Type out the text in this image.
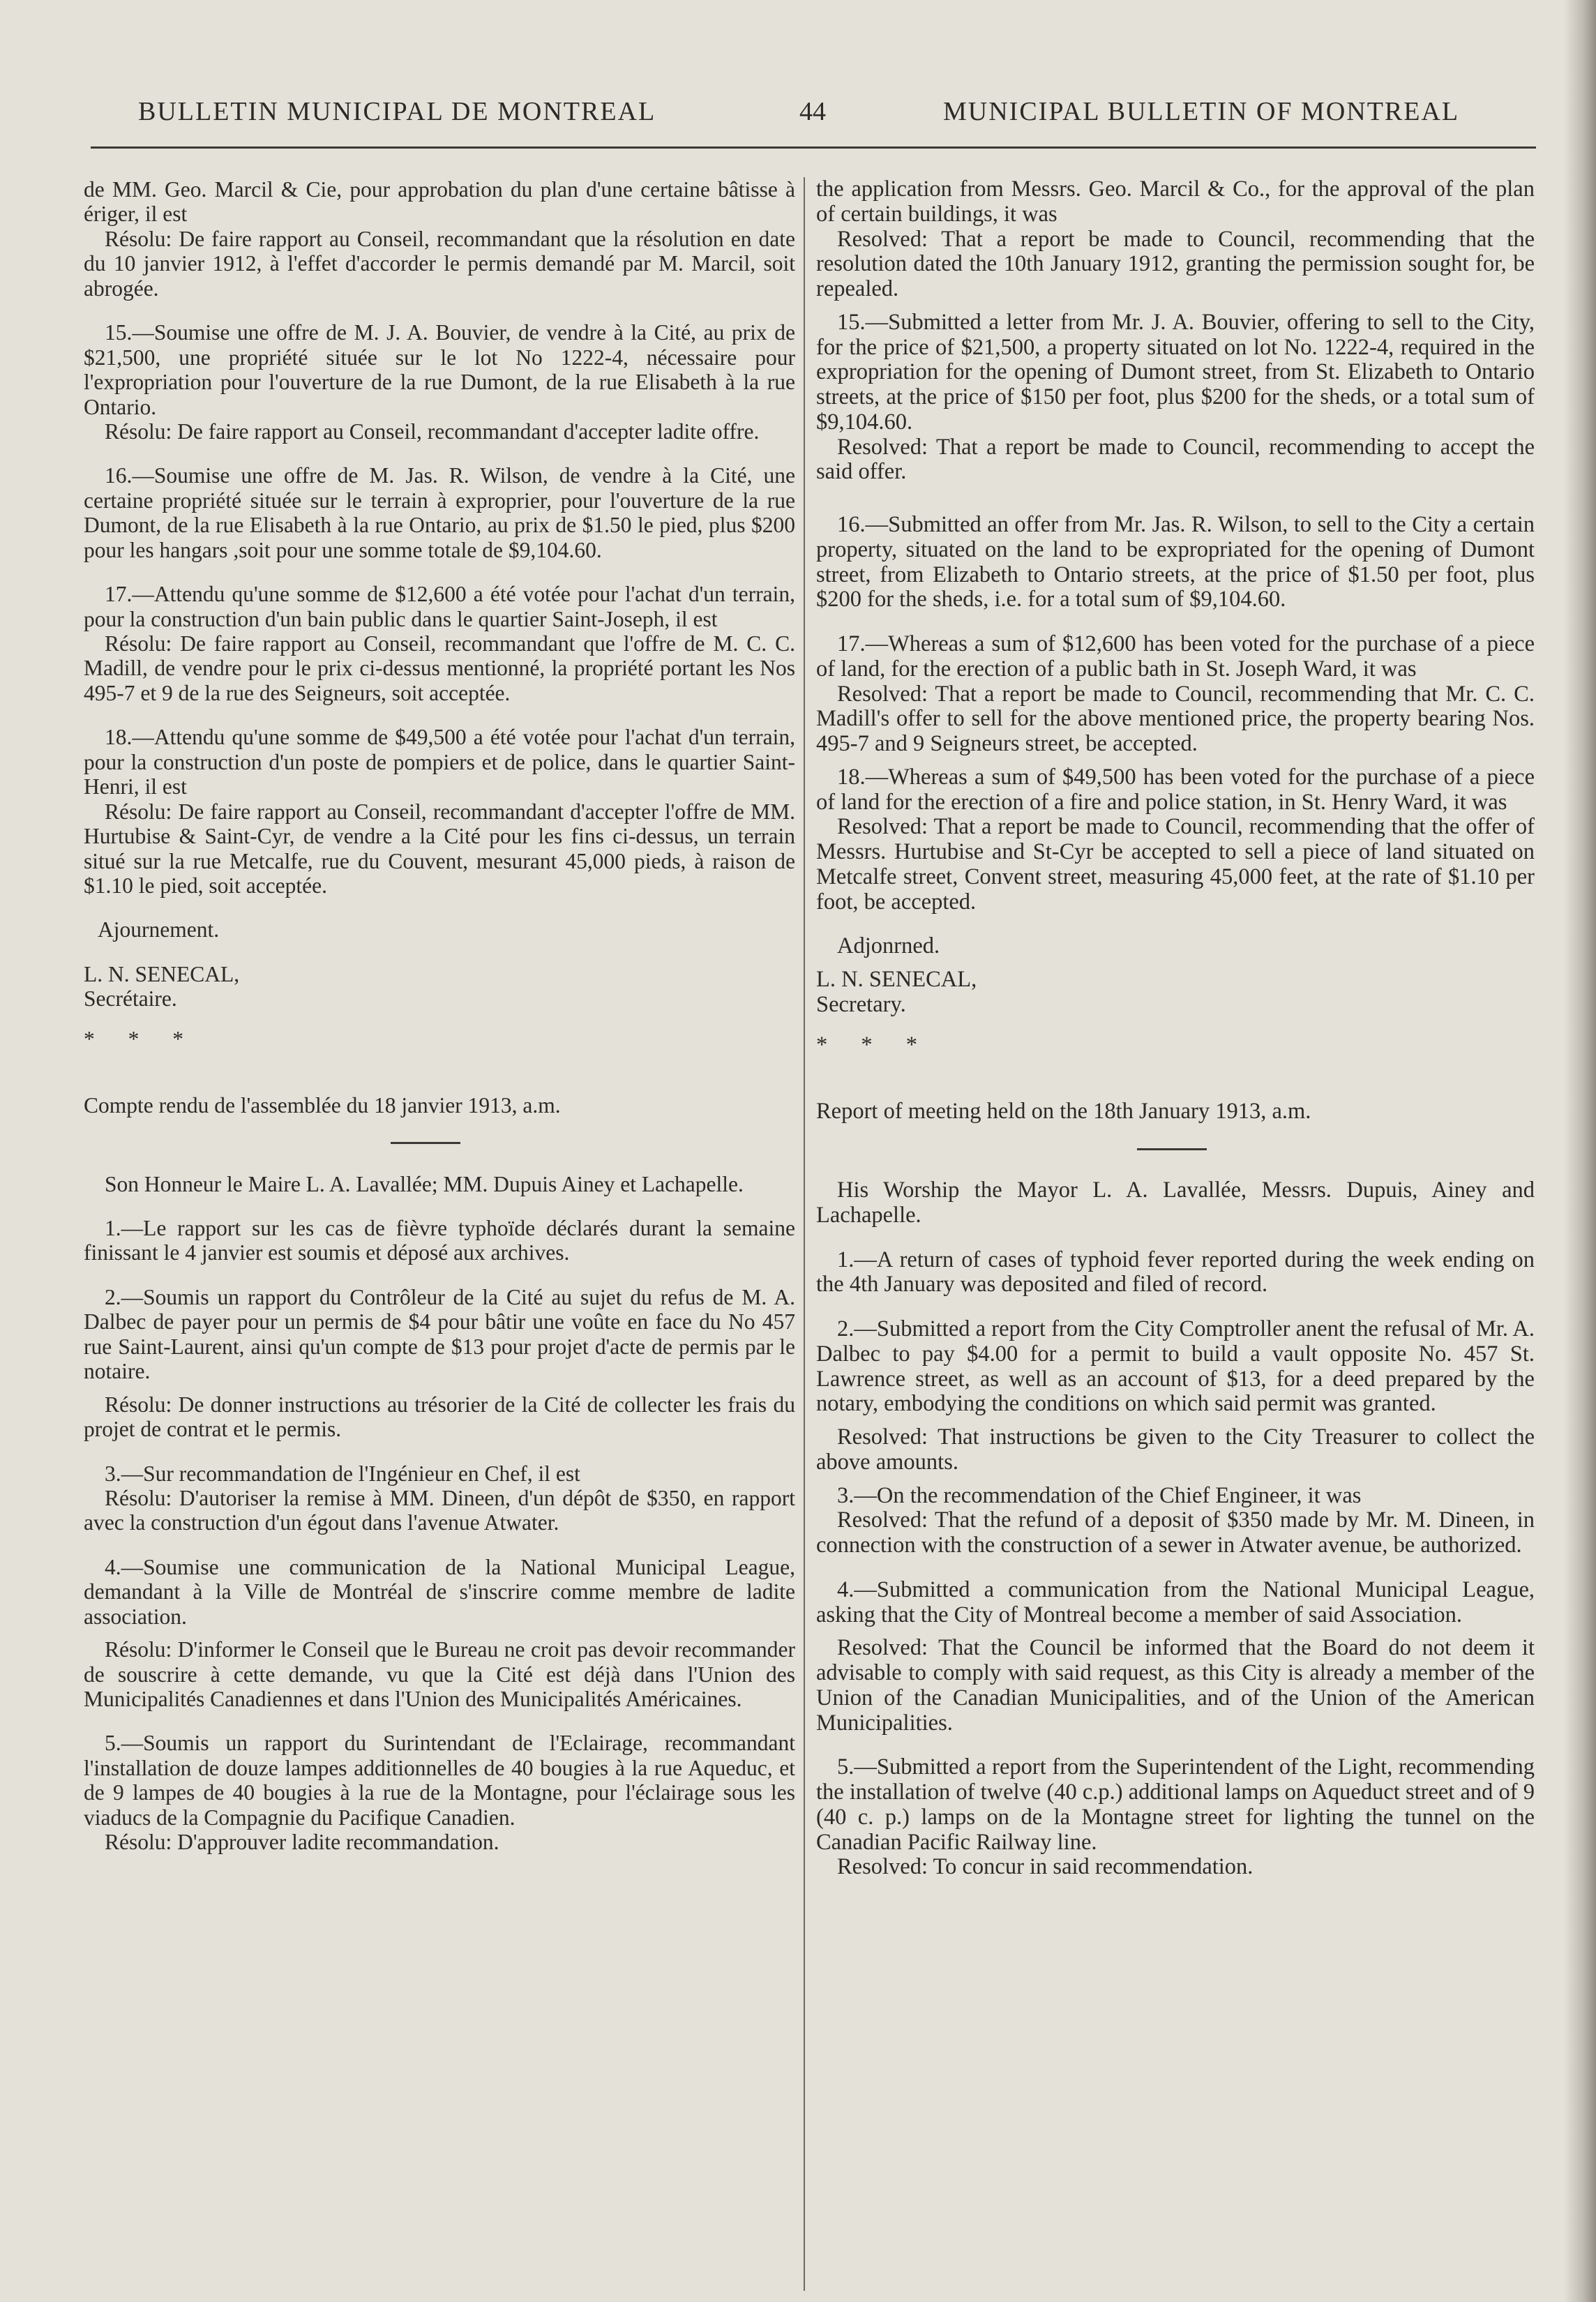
BULLETIN MUNICIPAL DE MONTREAL	44	MUNICIPAL BULLETIN OF MONTREAL

de MM. Geo. Marcil & Cie, pour approbation du plan d'une certaine bâtisse à ériger, il est

Résolu: De faire rapport au Conseil, recommandant que la résolution en date du 10 janvier 1912, à l'effet d'accorder le permis demandé par M. Marcil, soit abrogée.

15.—Soumise une offre de M. J. A. Bouvier, de vendre à la Cité, au prix de $21,500, une propriété située sur le lot No 1222-4, nécessaire pour l'expropriation pour l'ouverture de la rue Dumont, de la rue Elisabeth à la rue Ontario.

Résolu: De faire rapport au Conseil, recommandant d'accepter ladite offre.

16.—Soumise une offre de M. Jas. R. Wilson, de vendre à la Cité, une certaine propriété située sur le terrain à exproprier, pour l'ouverture de la rue Dumont, de la rue Elisabeth à la rue Ontario, au prix de $1.50 le pied, plus $200 pour les hangars ,soit pour une somme totale de $9,104.60.

17.—Attendu qu'une somme de $12,600 a été votée pour l'achat d'un terrain, pour la construction d'un bain public dans le quartier Saint-Joseph, il est

Résolu: De faire rapport au Conseil, recommandant que l'offre de M. C. C. Madill, de vendre pour le prix ci-dessus mentionné, la propriété portant les Nos 495-7 et 9 de la rue des Seigneurs, soit acceptée.

18.—Attendu qu'une somme de $49,500 a été votée pour l'achat d'un terrain, pour la construction d'un poste de pompiers et de police, dans le quartier Saint-Henri, il est

Résolu: De faire rapport au Conseil, recommandant d'accepter l'offre de MM. Hurtubise & Saint-Cyr, de vendre a la Cité pour les fins ci-dessus, un terrain situé sur la rue Metcalfe, rue du Couvent, mesurant 45,000 pieds, à raison de $1.10 le pied, soit acceptée.

Ajournement.

L. N. SENECAL,

Secrétaire.

* * *

Compte rendu de l'assemblée du 18 janvier 1913, a.m.

Son Honneur le Maire L. A. Lavallée; MM. Dupuis Ainey et Lachapelle.

1.—Le rapport sur les cas de fièvre typhoïde déclarés durant la semaine finissant le 4 janvier est soumis et déposé aux archives.

2.—Soumis un rapport du Contrôleur de la Cité au sujet du refus de M. A. Dalbec de payer pour un permis de $4 pour bâtir une voûte en face du No 457 rue Saint-Laurent, ainsi qu'un compte de $13 pour projet d'acte de permis par le notaire.

Résolu: De donner instructions au trésorier de la Cité de collecter les frais du projet de contrat et le permis.

3.—Sur recommandation de l'Ingénieur en Chef, il est

Résolu: D'autoriser la remise à MM. Dineen, d'un dépôt de $350, en rapport avec la construction d'un égout dans l'avenue Atwater.

4.—Soumise une communication de la National Municipal League, demandant à la Ville de Montréal de s'inscrire comme membre de ladite association.

Résolu: D'informer le Conseil que le Bureau ne croit pas devoir recommander de souscrire à cette demande, vu que la Cité est déjà dans l'Union des Municipalités Canadiennes et dans l'Union des Municipalités Américaines.

5.—Soumis un rapport du Surintendant de l'Eclairage, recommandant l'installation de douze lampes additionnelles de 40 bougies à la rue Aqueduc, et de 9 lampes de 40 bougies à la rue de la Montagne, pour l'éclairage sous les viaducs de la Compagnie du Pacifique Canadien.

Résolu: D'approuver ladite recommandation.

the application from Messrs. Geo. Marcil & Co., for the approval of the plan of certain buildings, it was

Resolved: That a report be made to Council, recommending that the resolution dated the 10th January 1912, granting the permission sought for, be repealed.

15.—Submitted a letter from Mr. J. A. Bouvier, offering to sell to the City, for the price of $21,500, a property situated on lot No. 1222-4, required in the expropriation for the opening of Dumont street, from St. Elizabeth to Ontario streets, at the price of $150 per foot, plus $200 for the sheds, or a total sum of $9,104.60.

Resolved: That a report be made to Council, recommending to accept the said offer.

16.—Submitted an offer from Mr. Jas. R. Wilson, to sell to the City a certain property, situated on the land to be expropriated for the opening of Dumont street, from Elizabeth to Ontario streets, at the price of $1.50 per foot, plus $200 for the sheds, i.e. for a total sum of $9,104.60.

17.—Whereas a sum of $12,600 has been voted for the purchase of a piece of land, for the erection of a public bath in St. Joseph Ward, it was

Resolved: That a report be made to Council, recommending that Mr. C. C. Madill's offer to sell for the above mentioned price, the property bearing Nos. 495-7 and 9 Seigneurs street, be accepted.

18.—Whereas a sum of $49,500 has been voted for the purchase of a piece of land for the erection of a fire and police station, in St. Henry Ward, it was

Resolved: That a report be made to Council, recommending that the offer of Messrs. Hurtubise and St-Cyr be accepted to sell a piece of land situated on Metcalfe street, Convent street, measuring 45,000 feet, at the rate of $1.10 per foot, be accepted.

Adjonrned.

L. N. SENECAL,

Secretary.

* * *

Report of meeting held on the 18th January 1913, a.m.

His Worship the Mayor L. A. Lavallée, Messrs. Dupuis, Ainey and Lachapelle.

1.—A return of cases of typhoid fever reported during the week ending on the 4th January was deposited and filed of record.

2.—Submitted a report from the City Comptroller anent the refusal of Mr. A. Dalbec to pay $4.00 for a permit to build a vault opposite No. 457 St. Lawrence street, as well as an account of $13, for a deed prepared by the notary, embodying the conditions on which said permit was granted.

Resolved: That instructions be given to the City Treasurer to collect the above amounts.

3.—On the recommendation of the Chief Engineer, it was

Resolved: That the refund of a deposit of $350 made by Mr. M. Dineen, in connection with the construction of a sewer in Atwater avenue, be authorized.

4.—Submitted a communication from the National Municipal League, asking that the City of Montreal become a member of said Association.

Resolved: That the Council be informed that the Board do not deem it advisable to comply with said request, as this City is already a member of the Union of the Canadian Municipalities, and of the Union of the American Municipalities.

5.—Submitted a report from the Superintendent of the Light, recommending the installation of twelve (40 c.p.) additional lamps on Aqueduct street and of 9 (40 c. p.) lamps on de la Montagne street for lighting the tunnel on the Canadian Pacific Railway line.

Resolved: To concur in said recommendation.
